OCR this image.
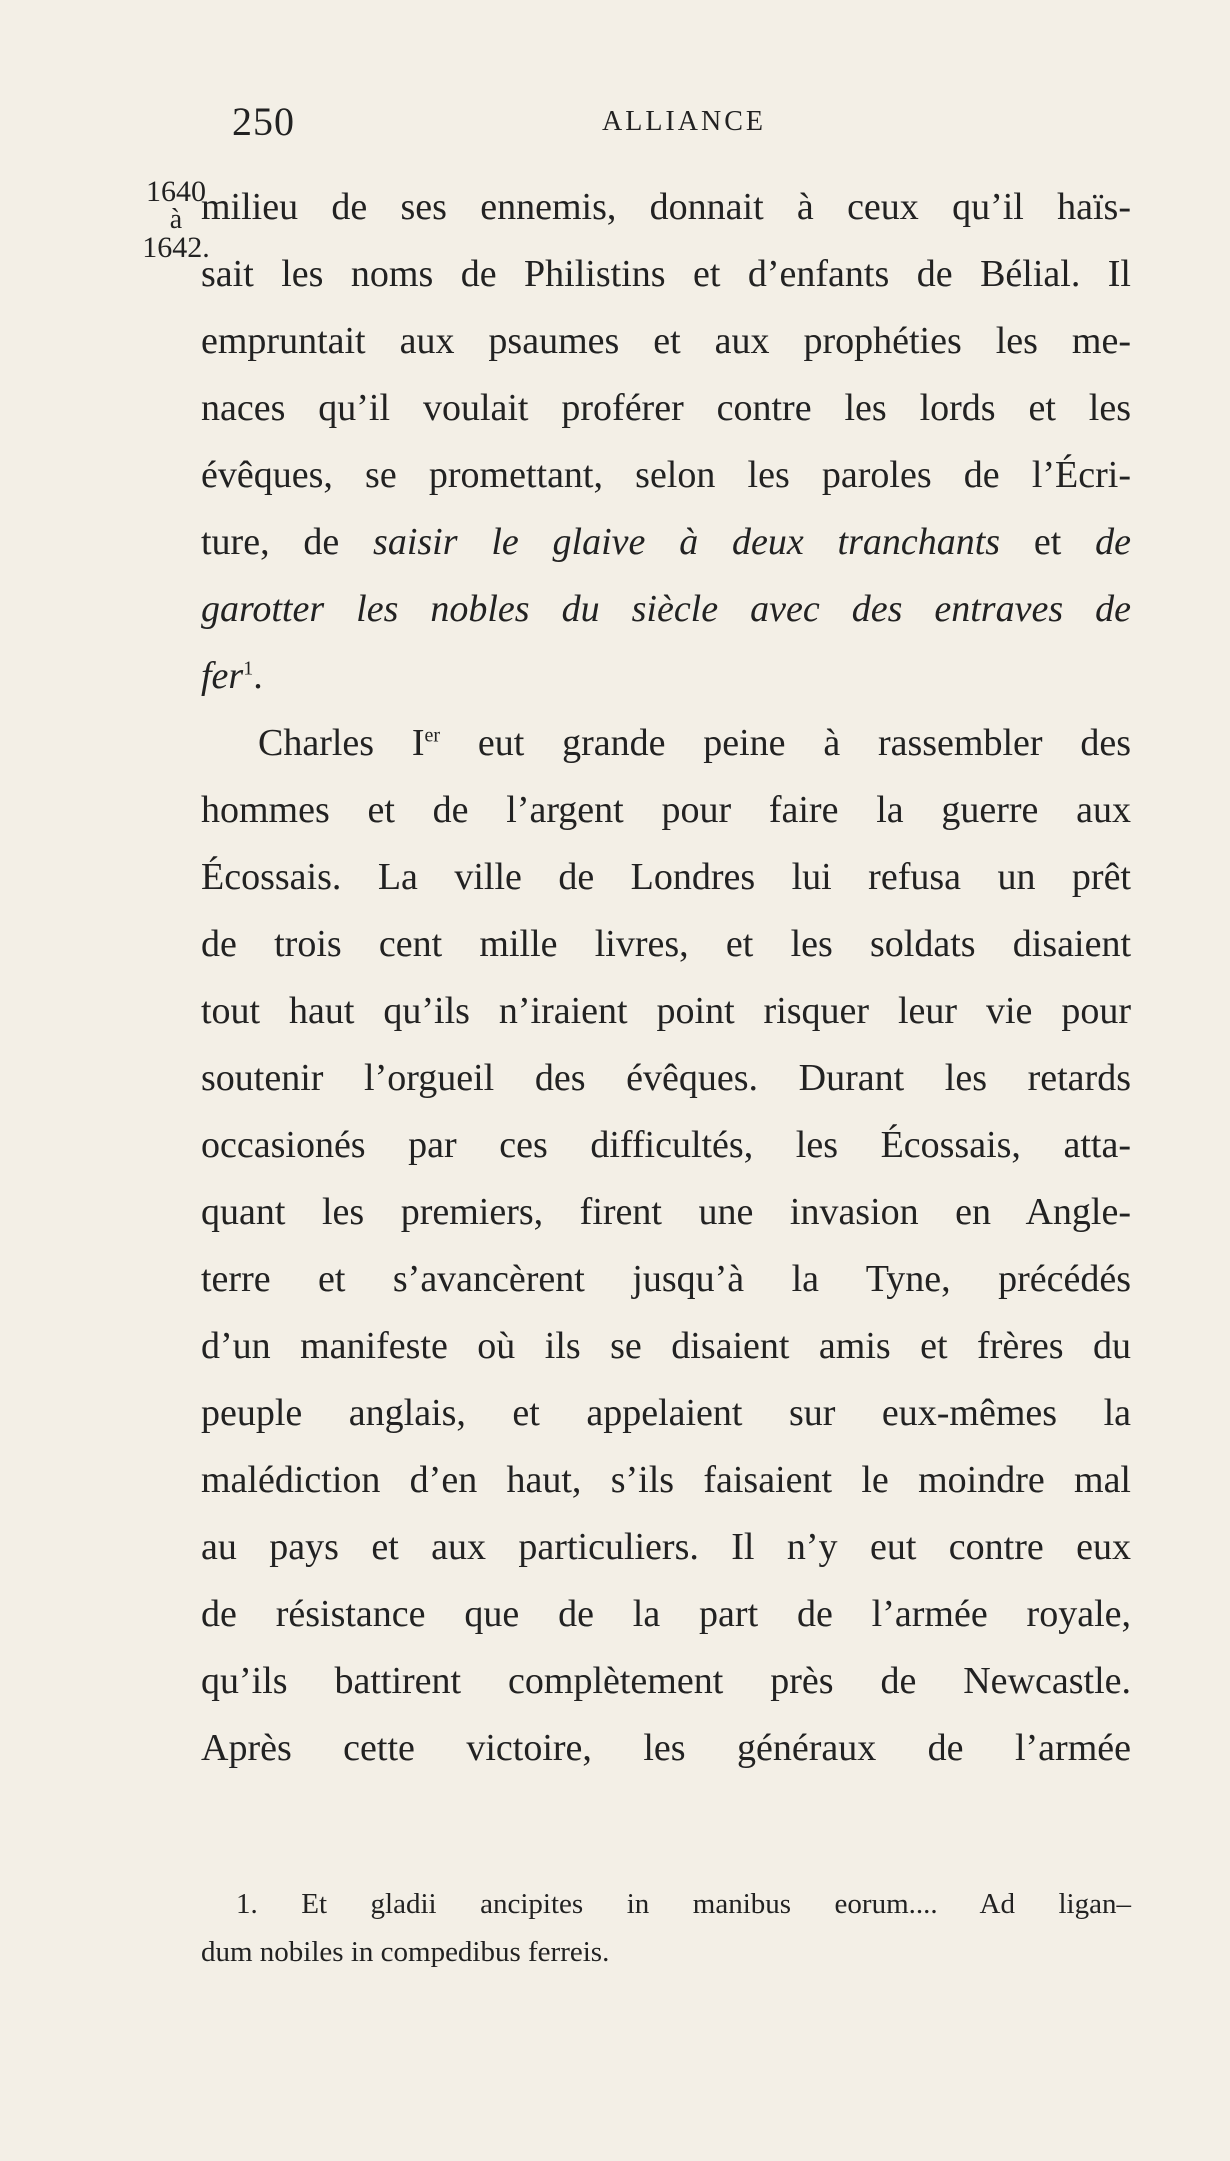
250	ALLIANCE
1640
à
1642.
milieu de ses ennemis, donnait à ceux qu’il haïs-
sait les noms de Philistins et d’enfants de Bélial. Il
empruntait aux psaumes et aux prophéties les me-
naces qu’il voulait proférer contre les lords et les
évêques, se promettant, selon les paroles de l’Écri-
ture, de saisir le glaive à deux tranchants et de
garotter les nobles du siècle avec des entraves de
fer$^1$.
Charles Ier eut grande peine à rassembler des
hommes et de l’argent pour faire la guerre aux
Écossais. La ville de Londres lui refusa un prêt
de trois cent mille livres, et les soldats disaient
tout haut qu’ils n’iraient point risquer leur vie pour
soutenir l’orgueil des évêques. Durant les retards
occasionés par ces difficultés, les Écossais, atta-
quant les premiers, firent une invasion en Angle-
terre et s’avancèrent jusqu’à la Tyne, précédés
d’un manifeste où ils se disaient amis et frères du
peuple anglais, et appelaient sur eux-mêmes la
malédiction d’en haut, s’ils faisaient le moindre mal
au pays et aux particuliers. Il n’y eut contre eux
de résistance que de la part de l’armée royale,
qu’ils battirent complètement près de Newcastle.
Après cette victoire, les généraux de l’armée
1. Et gladii ancipites in manibus eorum.... Ad ligan–
dum nobiles in compedibus ferreis.
